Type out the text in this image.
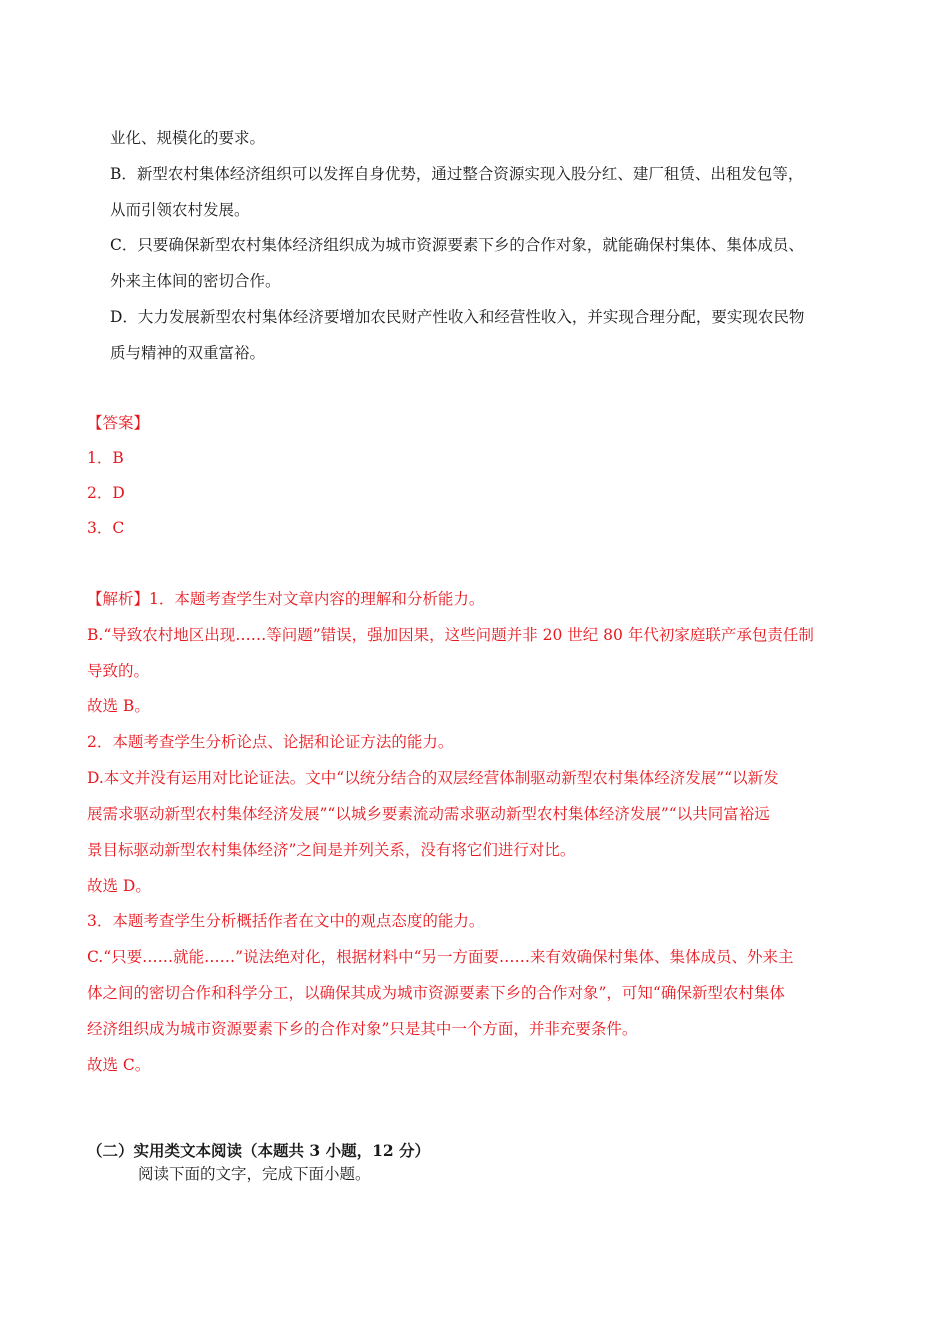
业化、规模化的要求。
B．新型农村集体经济组织可以发挥自身优势，通过整合资源实现入股分红、建厂租赁、出租发包等，
从而引领农村发展。
C．只要确保新型农村集体经济组织成为城市资源要素下乡的合作对象，就能确保村集体、集体成员、
外来主体间的密切合作。
D．大力发展新型农村集体经济要增加农民财产性收入和经营性收入，并实现合理分配，要实现农民物
质与精神的双重富裕。
【答案】
1．B
2．D
3．C
【解析】1．本题考查学生对文章内容的理解和分析能力。
B.“导致农村地区出现……等问题”错误，强加因果，这些问题并非 20 世纪 80 年代初家庭联产承包责任制
导致的。
故选 B。
2．本题考查学生分析论点、论据和论证方法的能力。
D.本文并没有运用对比论证法。文中“以统分结合的双层经营体制驱动新型农村集体经济发展”“以新发
展需求驱动新型农村集体经济发展”“以城乡要素流动需求驱动新型农村集体经济发展”“以共同富裕远
景目标驱动新型农村集体经济”之间是并列关系，没有将它们进行对比。
故选 D。
3．本题考查学生分析概括作者在文中的观点态度的能力。
C.“只要……就能……”说法绝对化，根据材料中“另一方面要……来有效确保村集体、集体成员、外来主
体之间的密切合作和科学分工，以确保其成为城市资源要素下乡的合作对象”，可知“确保新型农村集体
经济组织成为城市资源要素下乡的合作对象”只是其中一个方面，并非充要条件。
故选 C。
（二）实用类文本阅读（本题共 3 小题，12 分）
阅读下面的文字，完成下面小题。
